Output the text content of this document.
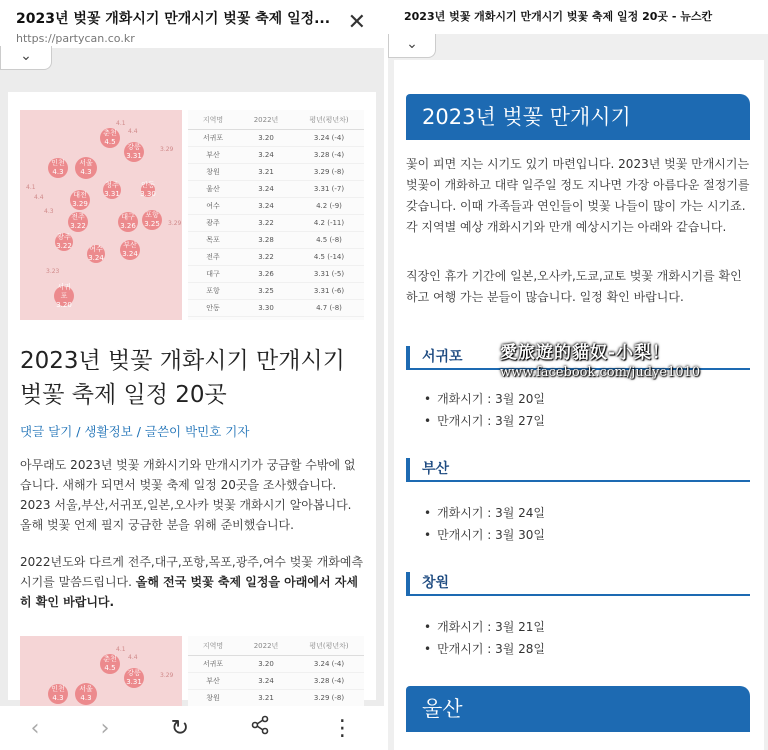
2023년 벚꽃 개화시기 만개시기 벚꽃 축제 일정...
https://partycan.co.kr
✕
⌄
서울
4.3
춘천
4.5
강릉
3.31
인천
4.3
청주
3.31
대전
3.29
안동
3.30
포항
3.25
전주
3.22
대구
3.26
광주
3.22	여수
3.24
부산
3.24
서귀포
3.20
4.1
4.4
3.29
4.1
4.4
4.3
3.29
3.23
지역명	2022년	평년(평년차)
서귀포	3.20	3.24 (-4)
부산	3.24	3.28 (-4)
창원	3.21	3.29 (-8)
울산	3.24	3.31 (-7)
여수	3.24	4.2 (-9)
광주	3.22	4.2 (-11)
목포	3.28	4.5 (-8)
전주	3.22	4.5 (-14)
대구	3.26	3.31 (-5)
포항	3.25	3.31 (-6)
안동	3.30	4.7 (-8)
2023년 벚꽃 개화시기 만개시기 벚꽃 축제 일정 20곳
댓글 달기 / 생활정보 / 글쓴이 박민호 기자
아무래도 2023년 벚꽃 개화시기와 만개시기가 궁금할 수밖에 없습니다. 새해가 되면서 벚꽃 축제 일정 20곳을 조사했습니다. 2023 서울,부산,서귀포,일본,오사카 벚꽃 개화시기 알아봅니다. 올해 벚꽃 언제 필지 궁금한 분을 위해 준비했습니다.
2022년도와 다르게 전주,대구,포항,목포,광주,여수 벚꽃 개화예측시기를 말씀드립니다. 올해 전국 벚꽃 축제 일정을 아래에서 자세히 확인 바랍니다.
서울
4.3
춘천
4.5
강릉
3.31
인천
4.3

4.1
4.4
3.29
지역명	2022년	평년(평년차)
서귀포	3.20	3.24 (-4)
부산	3.24	3.28 (-4)
창원	3.21	3.29 (-8)
‹	›	↻	⋮
2023년 벚꽃 개화시기 만개시기 벚꽃 축제 일정 20곳 - 뉴스칸
⌄
2023년 벚꽃 만개시기
꽃이 피면 지는 시기도 있기 마련입니다. 2023년 벚꽃 만개시기는 벚꽃이 개화하고 대략 일주일 정도 지나면 가장 아름다운 절정기를 갖습니다. 이때 가족들과 연인들이 벚꽃 나들이 많이 가는 시기죠. 각 지역별 예상 개화시기와 만개 예상시기는 아래와 같습니다.
직장인 휴가 기간에 일본,오사카,도쿄,교토 벚꽃 개화시기를 확인하고 여행 가는 분들이 많습니다. 일정 확인 바랍니다.
서귀포
• 개화시기 : 3월 20일
• 만개시기 : 3월 27일
부산
• 개화시기 : 3월 24일
• 만개시기 : 3월 30일
창원
• 개화시기 : 3월 21일
• 만개시기 : 3월 28일
울산
愛旅遊的貓奴-小梨！
www.facebook.com/judye1010
